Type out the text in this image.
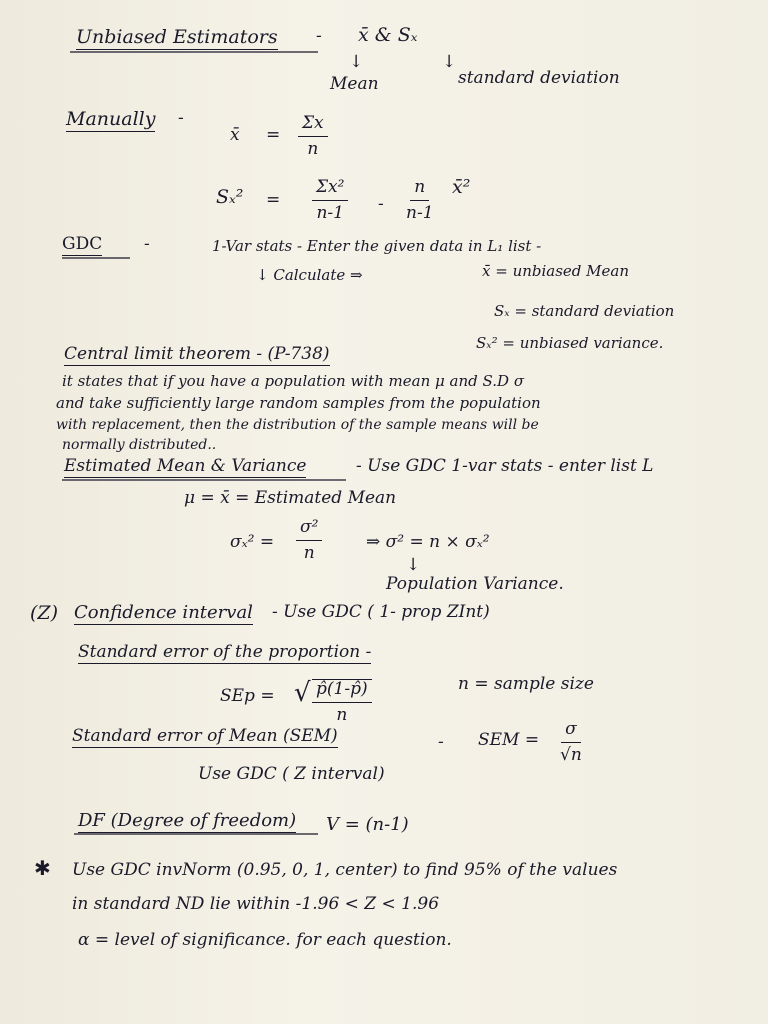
Unbiased Estimators - x̄ & Sₓ
↓	↓
Mean	standard deviation
Manually -
x̄ = $\frac{\Sigma x}{n}$
$S_x^2 = \frac{\text{Σx²}}{n-1} - \frac{n}{n-1}$ x̄²
GDC -	1-Var stats - Enter the given data in L₁ list -
↓ Calculate ⇒	x̄ = unbiased Mean
Sₓ = standard deviation
Sₓ² = unbiased variance.
Central limit theorem - (P-738)
it states that if you have a population with mean μ and S.D σ
and take sufficiently large random samples from the population
with replacement, then the distribution of the sample means will be
normally distributed..
Estimated Mean & Variance	- Use GDC 1-var stats - enter list L
μ = x̄ = Estimated Mean
$\sigma_x^2 = \frac{\text{σ²}}{n}$	⇒ σ² = n × σₓ²
↓
Population Variance.
(Z) Confidence interval - Use GDC ( 1- prop ZInt)
Standard error of the proportion -
SEp = √ $\frac{p̂(1-p̂)}{n}$	n = sample size
Standard error of Mean (SEM)	- SEM = $\frac{\sigma}{√n}$
Use GDC ( Z interval)
DF (Degree of freedom) V = (n-1)
✱ Use GDC invNorm (0.95, 0, 1, center) to find 95% of the values
in standard ND lie within -1.96 < Z < 1.96
α = level of significance. for each question.
